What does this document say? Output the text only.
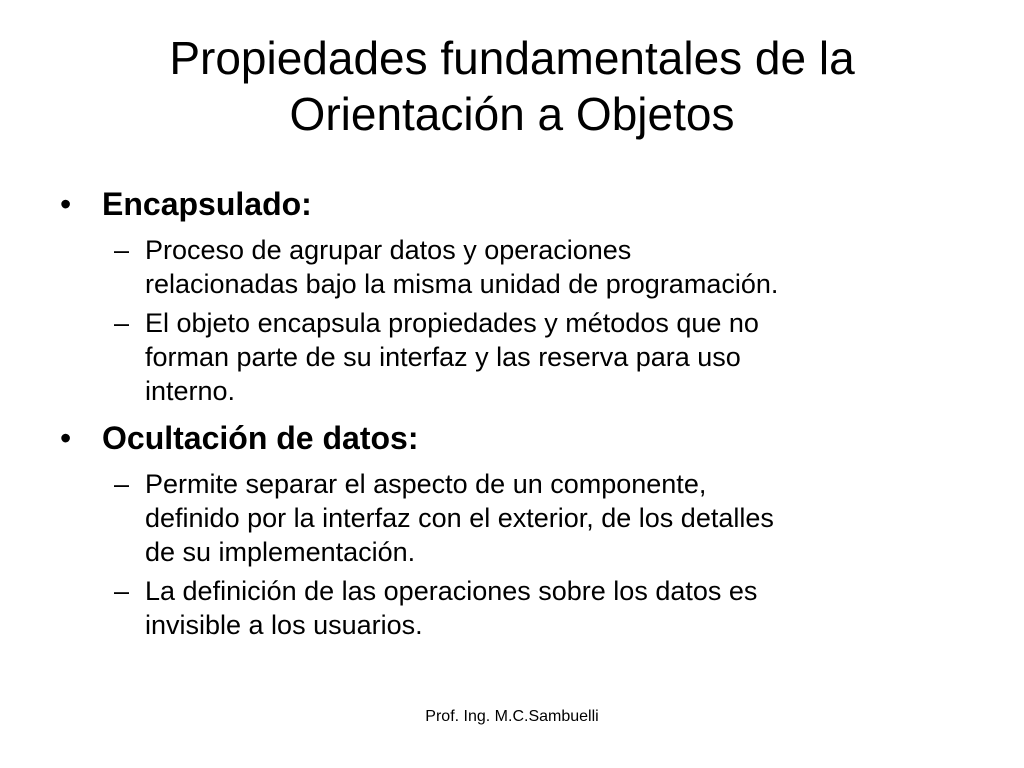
Propiedades fundamentales de la
Orientación a Objetos
• Encapsulado:
– Proceso de agrupar datos y operaciones
relacionadas bajo la misma unidad de programación.
– El objeto encapsula propiedades y métodos que no
forman parte de su interfaz y las reserva para uso
interno.
• Ocultación de datos:
– Permite separar el aspecto de un componente,
definido por la interfaz con el exterior, de los detalles
de su implementación.
– La definición de las operaciones sobre los datos es
invisible a los usuarios.
Prof. Ing. M.C.Sambuelli
